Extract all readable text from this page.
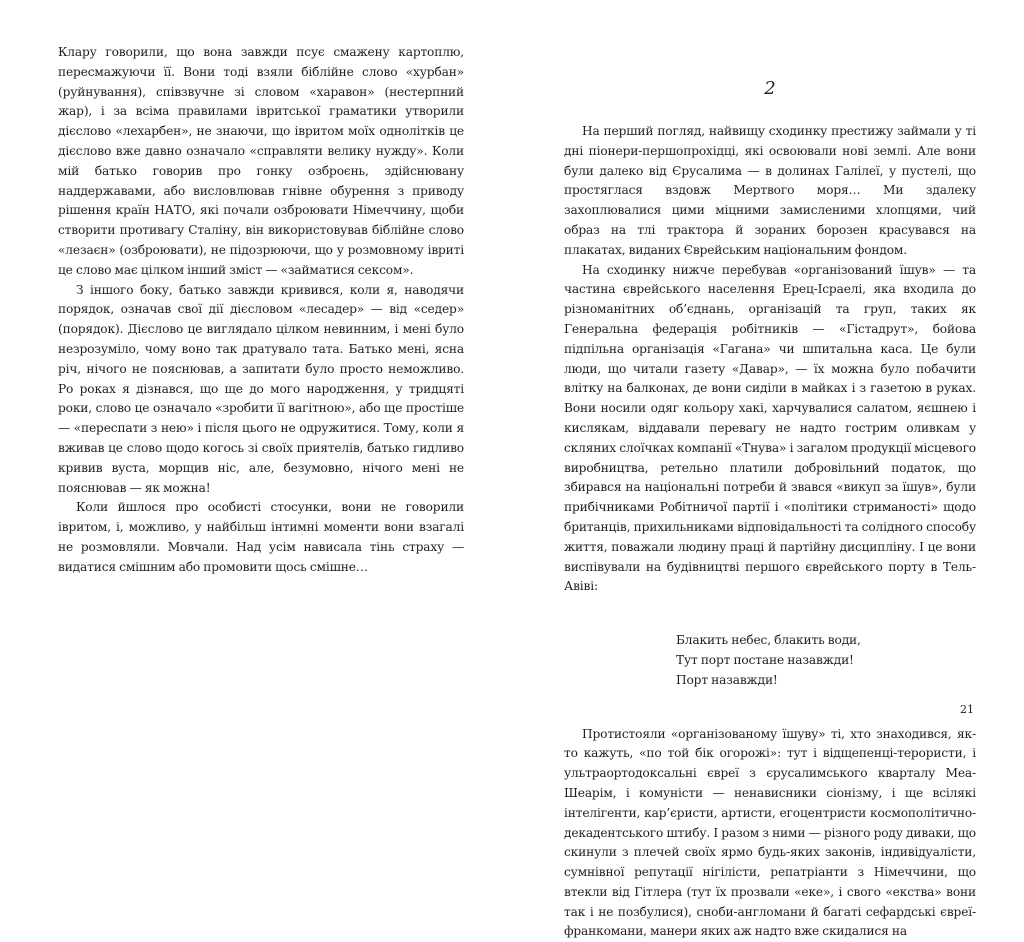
Клару говорили, що вона завжди псує смажену картоплю, пересмажуючи її. Вони тоді взяли біблійне слово «хурбан» (руйнування), співзвучне зі словом «харавон» (нестерпний жар), і за всіма правилами івритської граматики утворили дієслово «лехарбен», не знаючи, що івритом моїх однолітків це дієслово вже давно означало «справляти велику нужду». Коли мій батько говорив про гонку озброєнь, здійснювану наддержавами, або висловлював гнівне обурення з приводу рішення країн НАТО, які почали озброювати Німеччину, щоби створити противагу Сталіну, він використовував біблійне слово «лезаєн» (озброювати), не підозрюючи, що у розмовному івриті це слово має цілком інший зміст — «займатися сексом».

З іншого боку, батько завжди кривився, коли я, наводячи порядок, означав свої дії дієсловом «лесадер» — від «седер» (порядок). Дієслово це виглядало цілком невинним, і мені було незрозуміло, чому воно так дратувало тата. Батько мені, ясна річ, нічого не пояснював, а запитати було просто неможливо. Ро роках я дізнався, що ще до мого народження, у тридцяті роки, слово це означало «зробити її вагітною», або ще простіше — «переспати з нею» і після цього не одружитися. Тому, коли я вживав це слово щодо когось зі своїх приятелів, батько гидливо кривив вуста, морщив ніс, але, безумовно, нічого мені не пояснював — як можна!

Коли йшлося про особисті стосунки, вони не говорили івритом, і, можливо, у найбільш інтимні моменти вони взагалі не розмовляли. Мовчали. Над усім нависала тінь страху — видатися смішним або промовити щось смішне…

2

На перший погляд, найвищу сходинку престижу займали у ті дні піонери-першопрохідці, які освоювали нові землі. Але вони були далеко від Єрусалима — в долинах Галілеї, у пустелі, що простяглася вздовж Мертвого моря… Ми здалеку захоплювалися цими міцними замисленими хлопцями, чий образ на тлі трактора й зораних борозен красувався на плакатах, виданих Єврейським національним фондом.

На сходинку нижче перебував «організований їшув» — та частина єврейського населення Ерец-Ісраелі, яка входила до різноманітних об’єднань, організацій та груп, таких як Генеральна федерація робітників — «Гістадрут», бойова підпільна організація «Гагана» чи шпитальна каса. Це були люди, що читали газету «Давар», — їх можна було побачити влітку на балконах, де вони сиділи в майках і з газетою в руках. Вони носили одяг кольору хакі, харчувалися салатом, яєшнею і кислякам, віддавали перевагу не надто гострим оливкам у скляних слоїчках компанії «Тнува» і загалом продукції місцевого виробництва, ретельно платили добровільний податок, що збирався на національні потреби й звався «викуп за їшув», були прибічниками Робітничої партії і «політики стриманості» щодо британців, прихильниками відповідальності та солідного способу життя, поважали людину праці й партійну дисципліну. І це вони виспівували на будівництві першого єврейського порту в Тель-Авіві:

Блакить небес, блакить води,
Тут порт постане назавжди!
Порт назавжди!

Протистояли «організованому їшуву» ті, хто знаходився, як-то кажуть, «по той бік огорожі»: тут і відщепенці-терористи, і ультраортодоксальні євреї з єрусалимського кварталу Меа-Шеарім, і комуністи — ненависники сіонізму, і ще всілякі інтелігенти, кар’єристи, артисти, егоцентристи космополітично-декадентського штибу. І разом з ними — різного роду диваки, що скинули з плечей своїх ярмо будь-яких законів, індивідуалісти, сумнівної репутації нігілісти, репатріанти з Німеччини, що втекли від Гітлера (тут їх прозвали «еке», і свого «екства» вони так і не позбулися), сноби-англомани й багаті сефардські євреї-франкомани, манери яких аж надто вже скидалися на

21
